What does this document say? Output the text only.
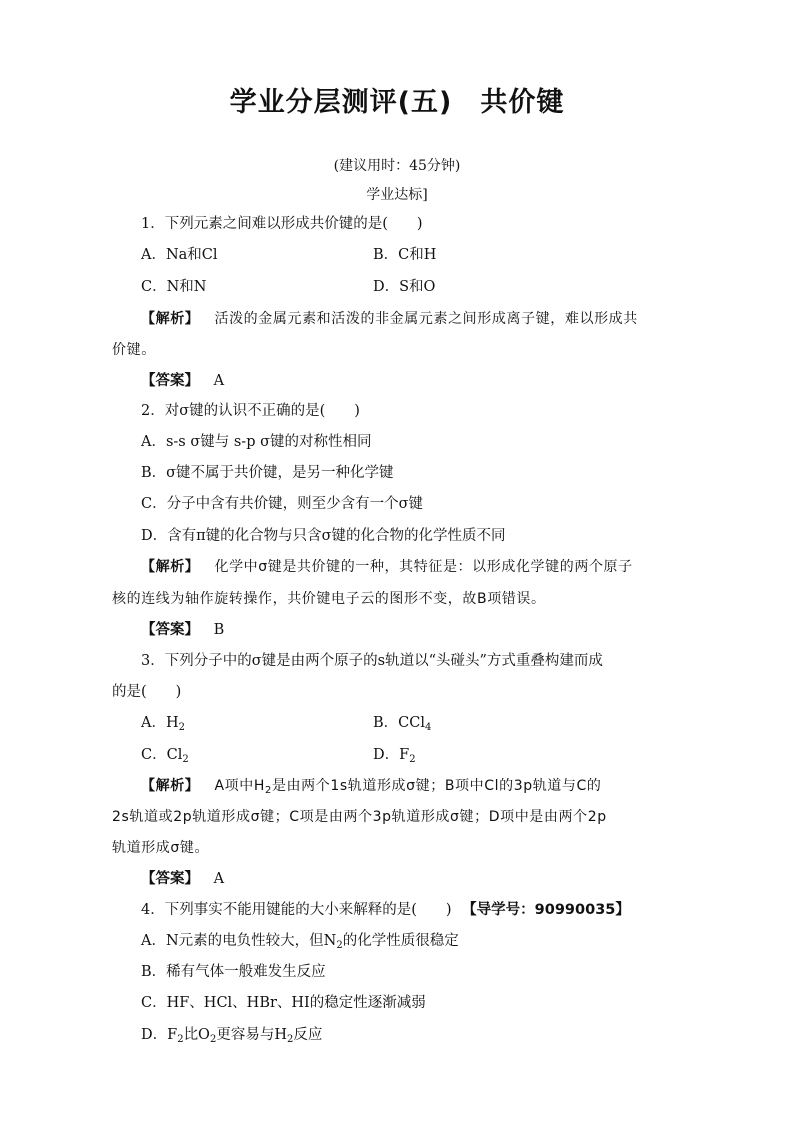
学业分层测评(五)　共价键
(建议用时：45分钟)
学业达标]
1．下列元素之间难以形成共价键的是(　　)
A．Na和Cl	B．C和H
C．N和N	D．S和O
【解析】 活泼的金属元素和活泼的非金属元素之间形成离子键，难以形成共
价键。
【答案】 A
2．对σ键的认识不正确的是(　　)
A．s-s σ键与 s-p σ键的对称性相同
B．σ键不属于共价键，是另一种化学键
C．分子中含有共价键，则至少含有一个σ键
D．含有π键的化合物与只含σ键的化合物的化学性质不同
【解析】 化学中σ键是共价键的一种，其特征是：以形成化学键的两个原子
核的连线为轴作旋转操作，共价键电子云的图形不变，故B项错误。
【答案】 B
3．下列分子中的σ键是由两个原子的s轨道以“头碰头”方式重叠构建而成
的是(　　)
A．$H_2$	B．CCl$_4$
C．$Cl_2$	D．$F_2$
【解析】 A项中$H_2$是由两个1s轨道形成σ键；B项中Cl的3p轨道与C的
2s轨道或2p轨道形成σ键；C项是由两个3p轨道形成σ键；D项中是由两个2p
轨道形成σ键。
【答案】 A
4．下列事实不能用键能的大小来解释的是(　　) 【导学号：90990035】
A．N元素的电负性较大，但$N_2$的化学性质很稳定
B．稀有气体一般难发生反应
C．HF、HCl、HBr、HI的稳定性逐渐减弱
D．$F_2$比$O_2$更容易与$H_2$反应
